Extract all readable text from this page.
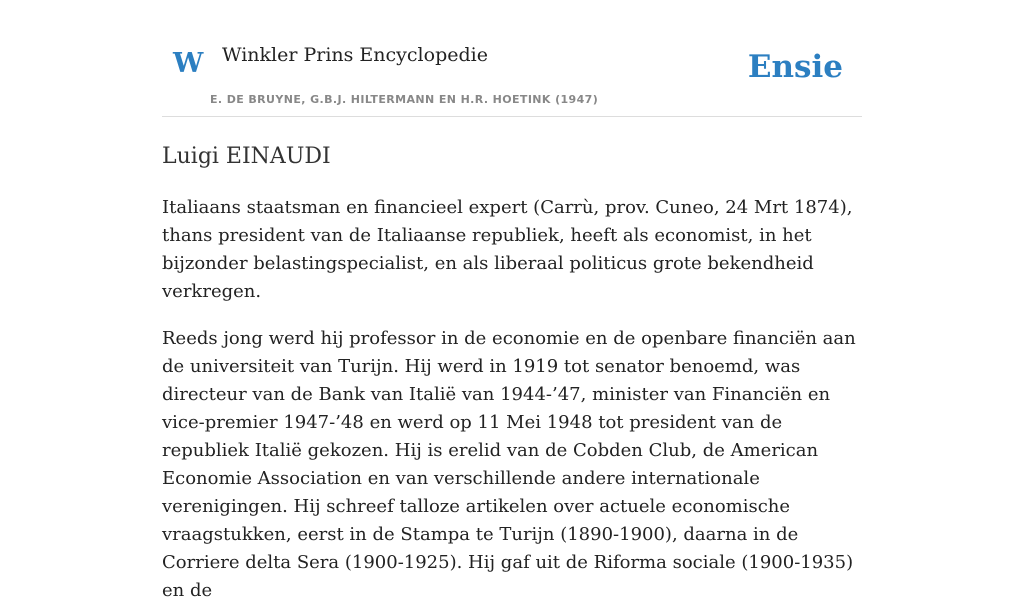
W Winkler Prins Encyclopedie
E. DE BRUYNE, G.B.J. HILTERMANN EN H.R. HOETINK (1947)
Ensie
Luigi EINAUDI

Italiaans staatsman en financieel expert (Carrù, prov. Cuneo, 24 Mrt 1874), thans president van de Italiaanse republiek, heeft als economist, in het bijzonder belastingspecialist, en als liberaal politicus grote bekendheid verkregen.

Reeds jong werd hij professor in de economie en de openbare financiën aan de universiteit van Turijn. Hij werd in 1919 tot senator benoemd, was directeur van de Bank van Italië van 1944-’47, minister van Financiën en vice-premier 1947-’48 en werd op 11 Mei 1948 tot president van de republiek Italië gekozen. Hij is erelid van de Cobden Club, de American Economie Association en van verschillende andere internationale verenigingen. Hij schreef talloze artikelen over actuele economische vraagstukken, eerst in de Stampa te Turijn (1890-1900), daarna in de Corriere delta Sera (1900-1925). Hij gaf uit de Riforma sociale (1900-1935) en de
